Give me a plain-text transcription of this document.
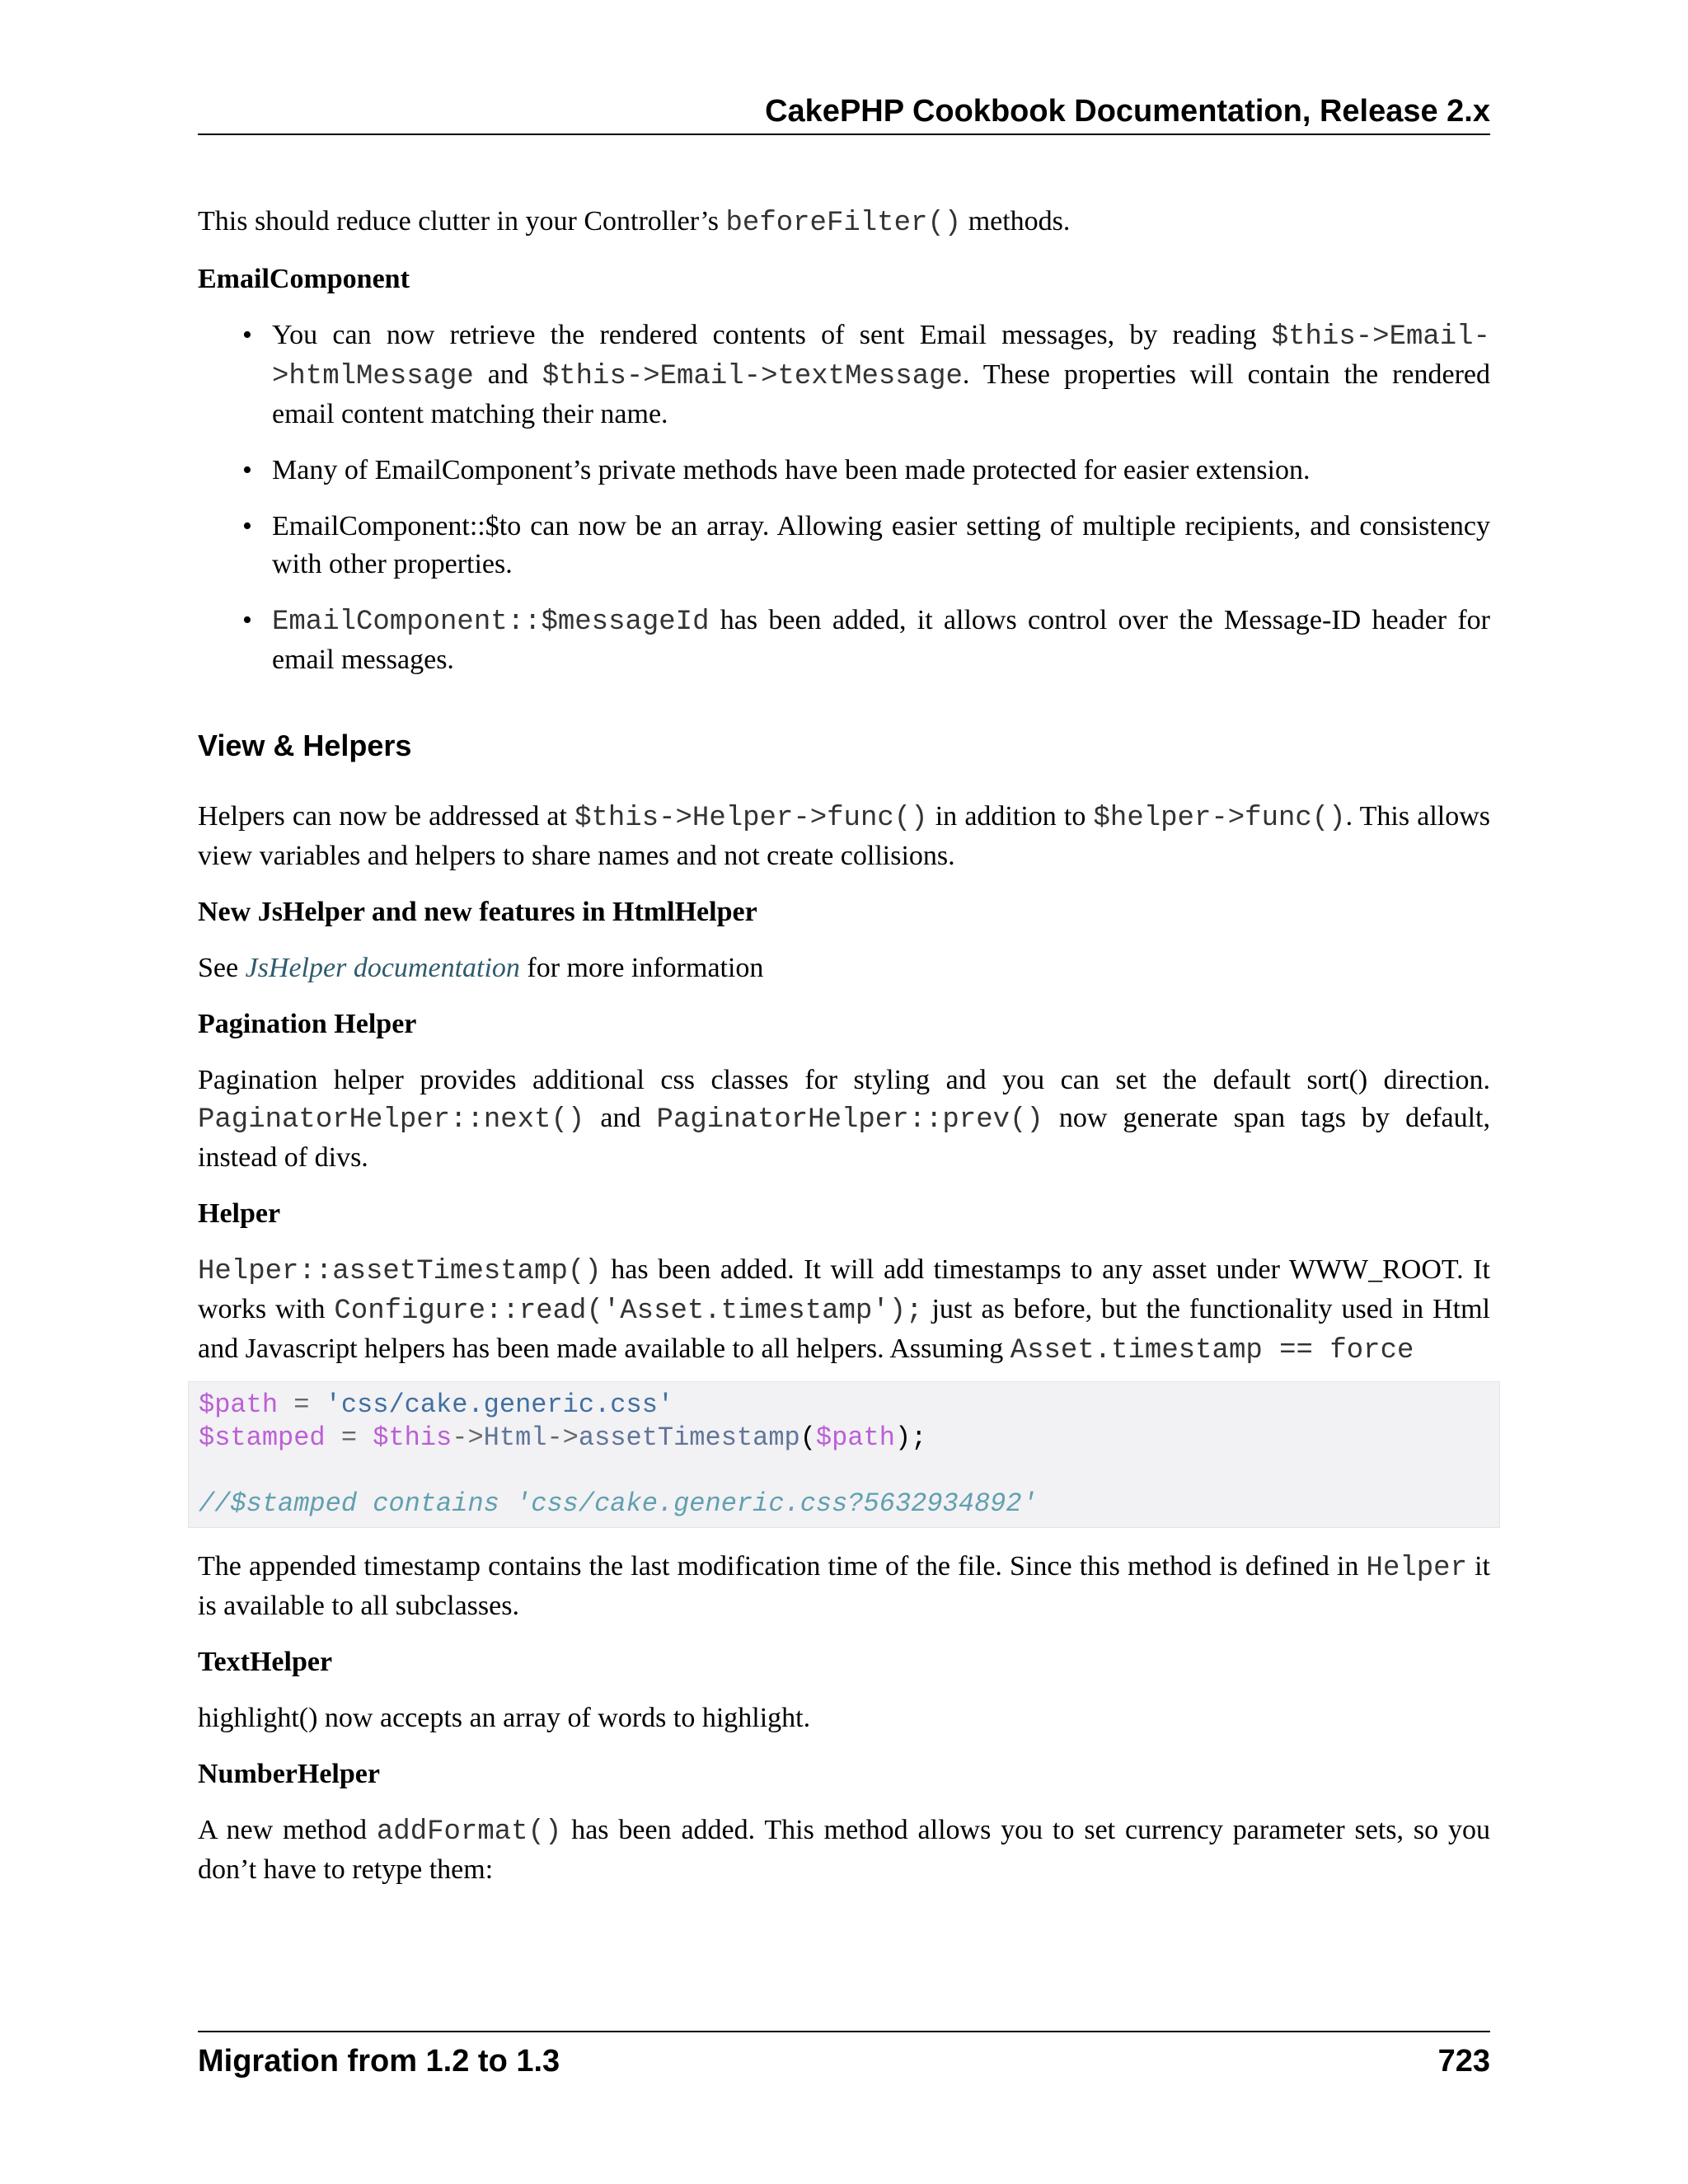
CakePHP Cookbook Documentation, Release 2.x

This should reduce clutter in your Controller’s beforeFilter() methods.

EmailComponent
• You can now retrieve the rendered contents of sent Email messages, by reading $this->Email->htmlMessage and $this->Email->textMessage. These properties will contain the rendered email content matching their name.
• Many of EmailComponent’s private methods have been made protected for easier extension.
• EmailComponent::$to can now be an array. Allowing easier setting of multiple recipients, and consistency with other properties.
• EmailComponent::$messageId has been added, it allows control over the Message-ID header for email messages.
View & Helpers

Helpers can now be addressed at $this->Helper->func() in addition to $helper->func(). This allows view variables and helpers to share names and not create collisions.

New JsHelper and new features in HtmlHelper

See JsHelper documentation for more information

Pagination Helper

Pagination helper provides additional css classes for styling and you can set the default sort() direction. PaginatorHelper::next() and PaginatorHelper::prev() now generate span tags by default, instead of divs.

Helper

Helper::assetTimestamp() has been added. It will add timestamps to any asset under WWW_ROOT. It works with Configure::read('Asset.timestamp'); just as before, but the functionality used in Html and Javascript helpers has been made available to all helpers. Assuming Asset.timestamp == force

$path = 'css/cake.generic.css'
$stamped = $this->Html->assetTimestamp($path);
//$stamped contains 'css/cake.generic.css?5632934892'

The appended timestamp contains the last modification time of the file. Since this method is defined in Helper it is available to all subclasses.

TextHelper

highlight() now accepts an array of words to highlight.

NumberHelper

A new method addFormat() has been added. This method allows you to set currency parameter sets, so you don’t have to retype them:

Migration from 1.2 to 1.3	723
